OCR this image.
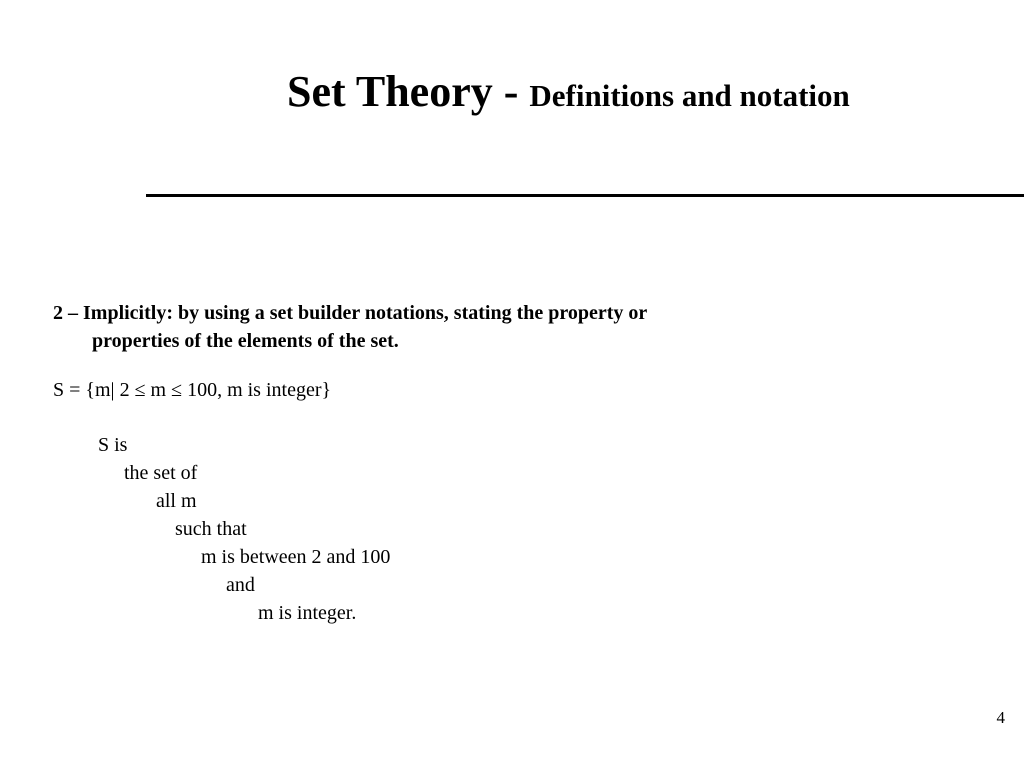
Set Theory - Definitions and notation
2 – Implicitly: by using a set builder notations, stating the property or
properties of the elements of the set.
S = {m| 2 ≤ m ≤ 100, m is integer}
S is
the set of
all m
such that
m is between 2 and 100
and
m is integer.
4
